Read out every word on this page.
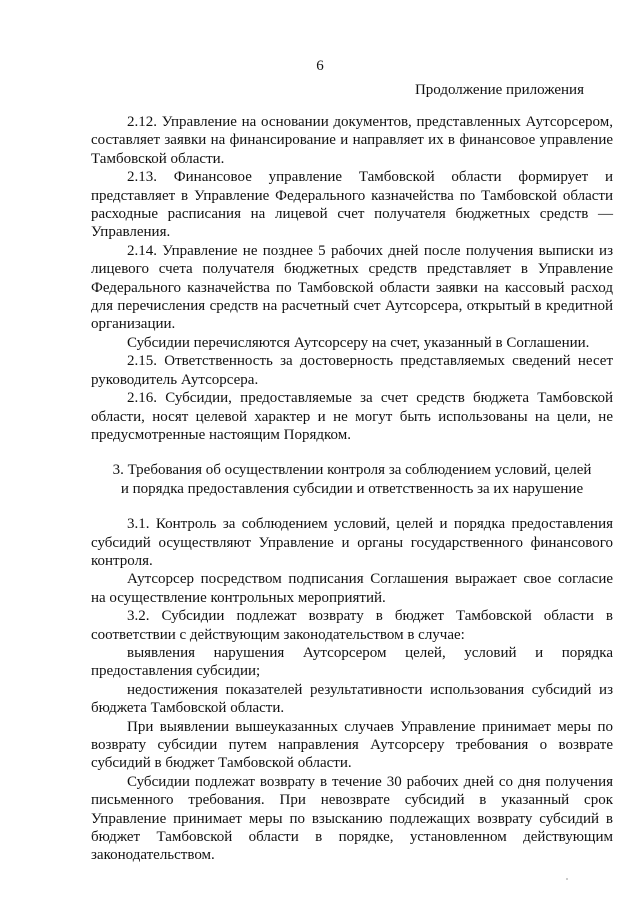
6
Продолжение приложения

2.12. Управление на основании документов, представленных Аутсорсером, составляет заявки на финансирование и направляет их в финансовое управление Тамбовской области.

2.13. Финансовое управление Тамбовской области формирует и представляет в Управление Федерального казначейства по Тамбовской области расходные расписания на лицевой счет получателя бюджетных средств — Управления.

2.14. Управление не позднее 5 рабочих дней после получения выписки из лицевого счета получателя бюджетных средств представляет в Управление Федерального казначейства по Тамбовской области заявки на кассовый расход для перечисления средств на расчетный счет Аутсорсера, открытый в кредитной организации.

Субсидии перечисляются Аутсорсеру на счет, указанный в Соглашении.

2.15. Ответственность за достоверность представляемых сведений несет руководитель Аутсорсера.

2.16. Субсидии, предоставляемые за счет средств бюджета Тамбовской области, носят целевой характер и не могут быть использованы на цели, не предусмотренные настоящим Порядком.

3. Требования об осуществлении контроля за соблюдением условий, целей

и порядка предоставления субсидии и ответственность за их нарушение

3.1. Контроль за соблюдением условий, целей и порядка предоставления субсидий осуществляют Управление и органы государственного финансового контроля.

Аутсорсер посредством подписания Соглашения выражает свое согласие на осуществление контрольных мероприятий.

3.2. Субсидии подлежат возврату в бюджет Тамбовской области в соответствии с действующим законодательством в случае:

выявления нарушения Аутсорсером целей, условий и порядка предоставления субсидии;

недостижения показателей результативности использования субсидий из бюджета Тамбовской области.

При выявлении вышеуказанных случаев Управление принимает меры по возврату субсидии путем направления Аутсорсеру требования о возврате субсидий в бюджет Тамбовской области.

Субсидии подлежат возврату в течение 30 рабочих дней со дня получения письменного требования. При невозврате субсидий в указанный срок Управление принимает меры по взысканию подлежащих возврату субсидий в бюджет Тамбовской области в порядке, установленном действующим законодательством.
